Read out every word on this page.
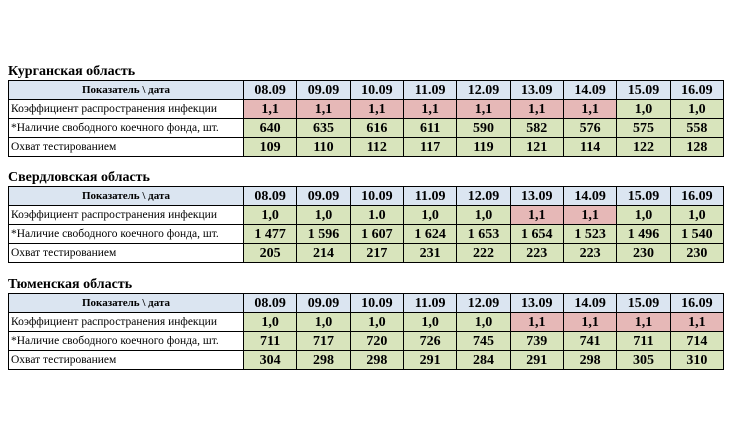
Курганская область

Показатель \ дата	08.09	09.09	10.09	11.09	12.09	13.09	14.09	15.09	16.09
Коэффициент распространения инфекции	1,1	1,1	1,1	1,1	1,1	1,1	1,1	1,0	1,0
*Наличие свободного коечного фонда, шт.	640	635	616	611	590	582	576	575	558
Охват тестированием	109	110	112	117	119	121	114	122	128

Свердловская область

Показатель \ дата	08.09	09.09	10.09	11.09	12.09	13.09	14.09	15.09	16.09
Коэффициент распространения инфекции	1,0	1,0	1.0	1,0	1,0	1,1	1,1	1,0	1,0
*Наличие свободного коечного фонда, шт.	1 477	1 596	1 607	1 624	1 653	1 654	1 523	1 496	1 540
Охват тестированием	205	214	217	231	222	223	223	230	230

Тюменская область

Показатель \ дата	08.09	09.09	10.09	11.09	12.09	13.09	14.09	15.09	16.09
Коэффициент распространения инфекции	1,0	1,0	1,0	1,0	1,0	1,1	1,1	1,1	1,1
*Наличие свободного коечного фонда, шт.	711	717	720	726	745	739	741	711	714
Охват тестированием	304	298	298	291	284	291	298	305	310
